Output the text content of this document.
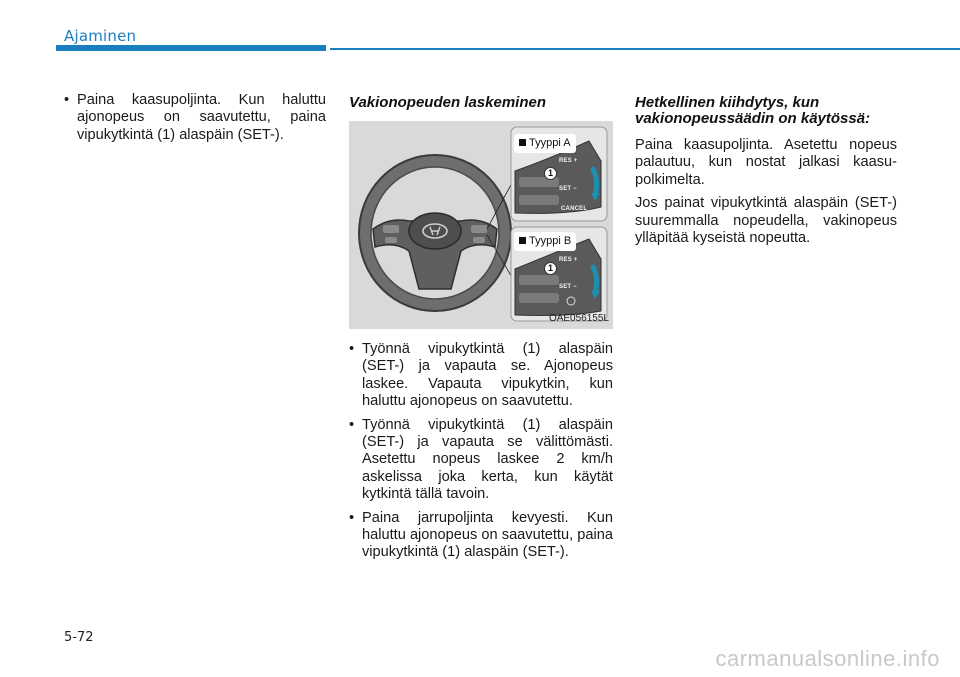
Ajaminen
• Paina kaasupoljinta. Kun haluttu ajonopeus on saavutettu, paina vipukytkintä (1) alaspäin (SET-).
Vakionopeuden laskeminen
Tyyppi A
Tyyppi B
RES +
SET −
CANCEL
RES +
SET −
1
1
OAE056155L
• Työnnä vipukytkintä (1) alaspäin (SET-) ja vapauta se. Ajonopeus laskee. Vapauta vipukytkin, kun haluttu ajonopeus on saavutettu.
• Työnnä vipukytkintä (1) alaspäin (SET-) ja vapauta se välittömästi. Asetettu nopeus laskee 2 km/h askelissa joka kerta, kun käytät kytkintä tällä tavoin.
• Paina jarrupoljinta kevyesti. Kun haluttu ajonopeus on saavutettu, paina vipukytkintä (1) alaspäin (SET-).
Hetkellinen kiihdytys, kun vakionopeussäädin on käytössä:

Paina kaasupoljinta. Asetettu nopeus palautuu, kun nostat jalkasi kaasupolkimelta.

Jos painat vipukytkintä alaspäin (SET-) suuremmalla nopeudella, vakinopeus ylläpitää kyseistä nopeutta.

5-72
carmanualsonline.info
